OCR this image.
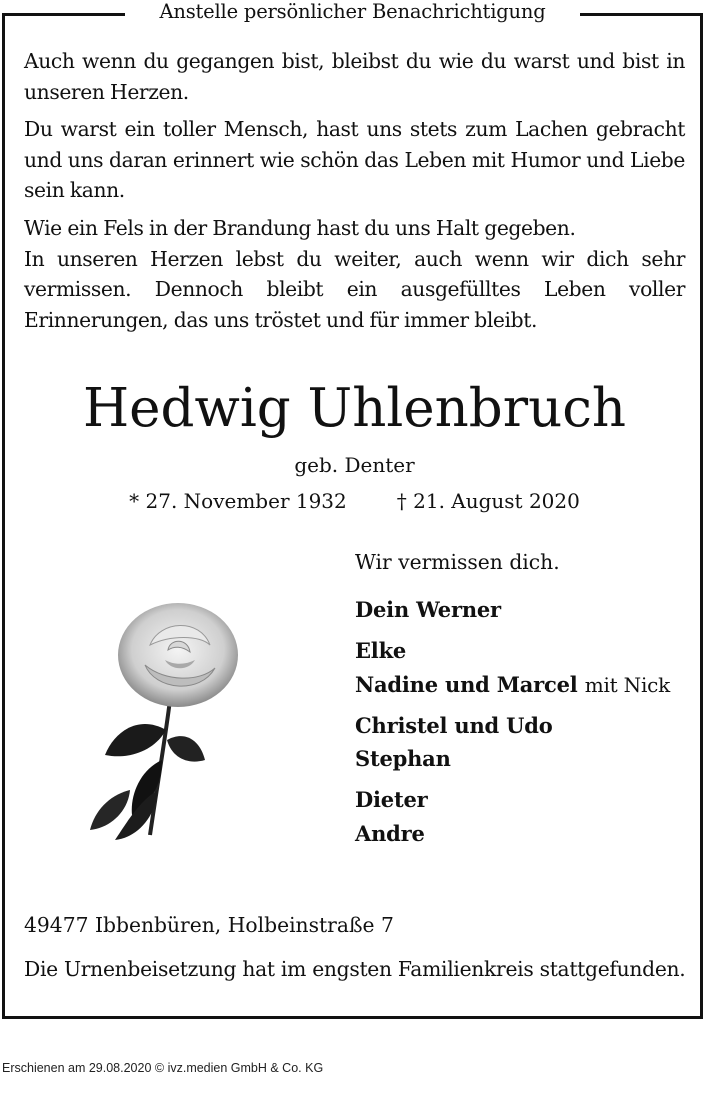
Anstelle persönlicher Benachrichtigung
Auch wenn du gegangen bist, bleibst du wie du warst und bist in unseren Herzen.
Du warst ein toller Mensch, hast uns stets zum Lachen gebracht und uns daran erinnert wie schön das Leben mit Humor und Liebe sein kann.
Wie ein Fels in der Brandung hast du uns Halt gegeben.
In unseren Herzen lebst du weiter, auch wenn wir dich sehr vermissen. Dennoch bleibt ein ausgefülltes Leben voller Erinnerungen, das uns tröstet und für immer bleibt.
Hedwig Uhlenbruch
geb. Denter
* 27. November 1932	† 21. August 2020
Wir vermissen dich.
Dein Werner
Elke
Nadine und Marcel mit Nick
Christel und Udo
Stephan
Dieter
Andre
49477 Ibbenbüren, Holbeinstraße 7
Die Urnenbeisetzung hat im engsten Familienkreis stattgefunden.
Erschienen am 29.08.2020 © ivz.medien GmbH & Co. KG
